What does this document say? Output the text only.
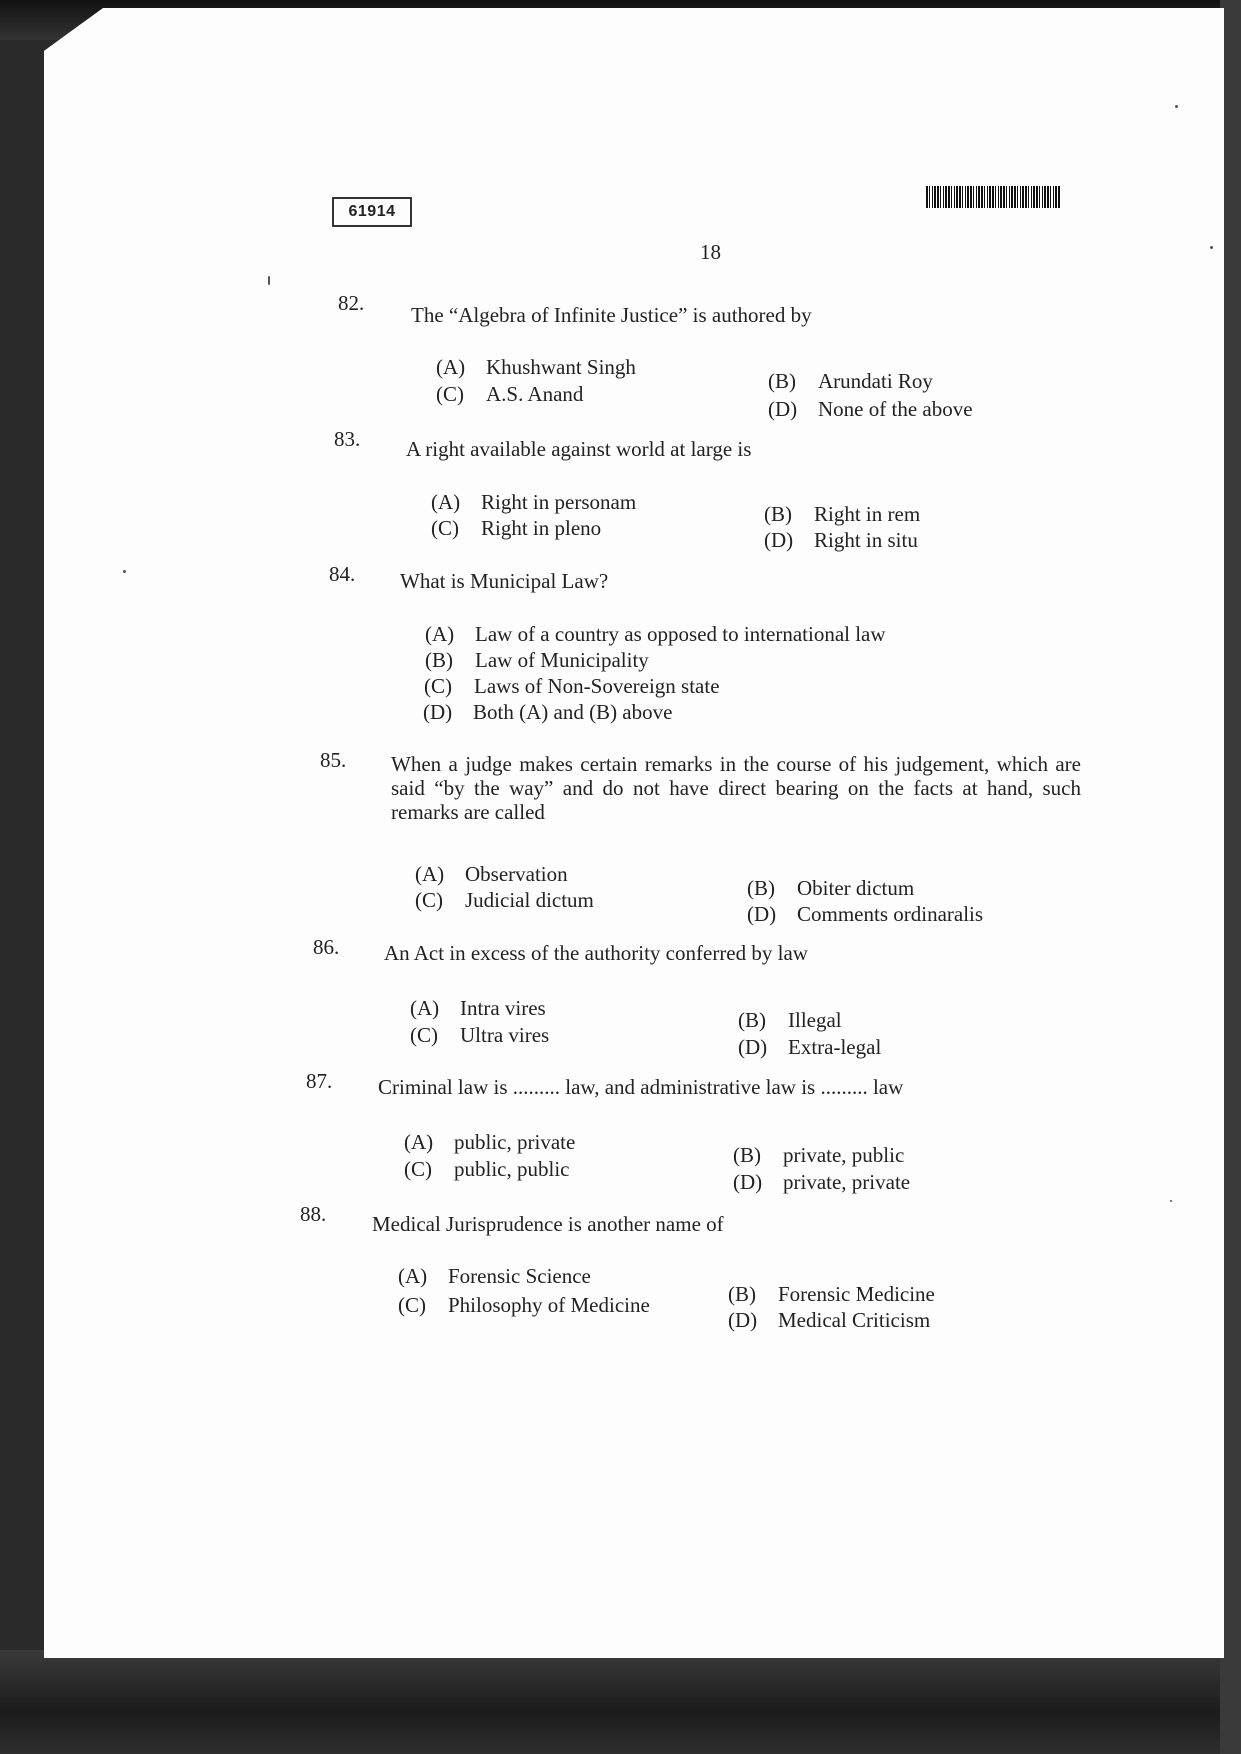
61914
18
82. The “Algebra of Infinite Justice” is authored by
(A) Khushwant Singh
(B) Arundati Roy
(C) A.S. Anand
(D) None of the above
83. A right available against world at large is
(A) Right in personam	(B) Right in rem
(C) Right in pleno	(D) Right in situ
84. What is Municipal Law?
(A) Law of a country as opposed to international law
(B) Law of Municipality
(C) Laws of Non-Sovereign state
(D) Both (A) and (B) above
85. When a judge makes certain remarks in the course of his judgement, which are said “by the way” and do not have direct bearing on the facts at hand, such remarks are called
(A) Observation
(B) Obiter dictum
(C) Judicial dictum
(D) Comments ordinaralis
86. An Act in excess of the authority conferred by law
(A) Intra vires	(B) Illegal
(C) Ultra vires	(D) Extra-legal
87. Criminal law is ......... law, and administrative law is ......... law
(A) public, private
(B) private, public
(C) public, public
(D) private, private
88. Medical Jurisprudence is another name of
(A) Forensic Science
(B) Forensic Medicine
(C) Philosophy of Medicine
(D) Medical Criticism
